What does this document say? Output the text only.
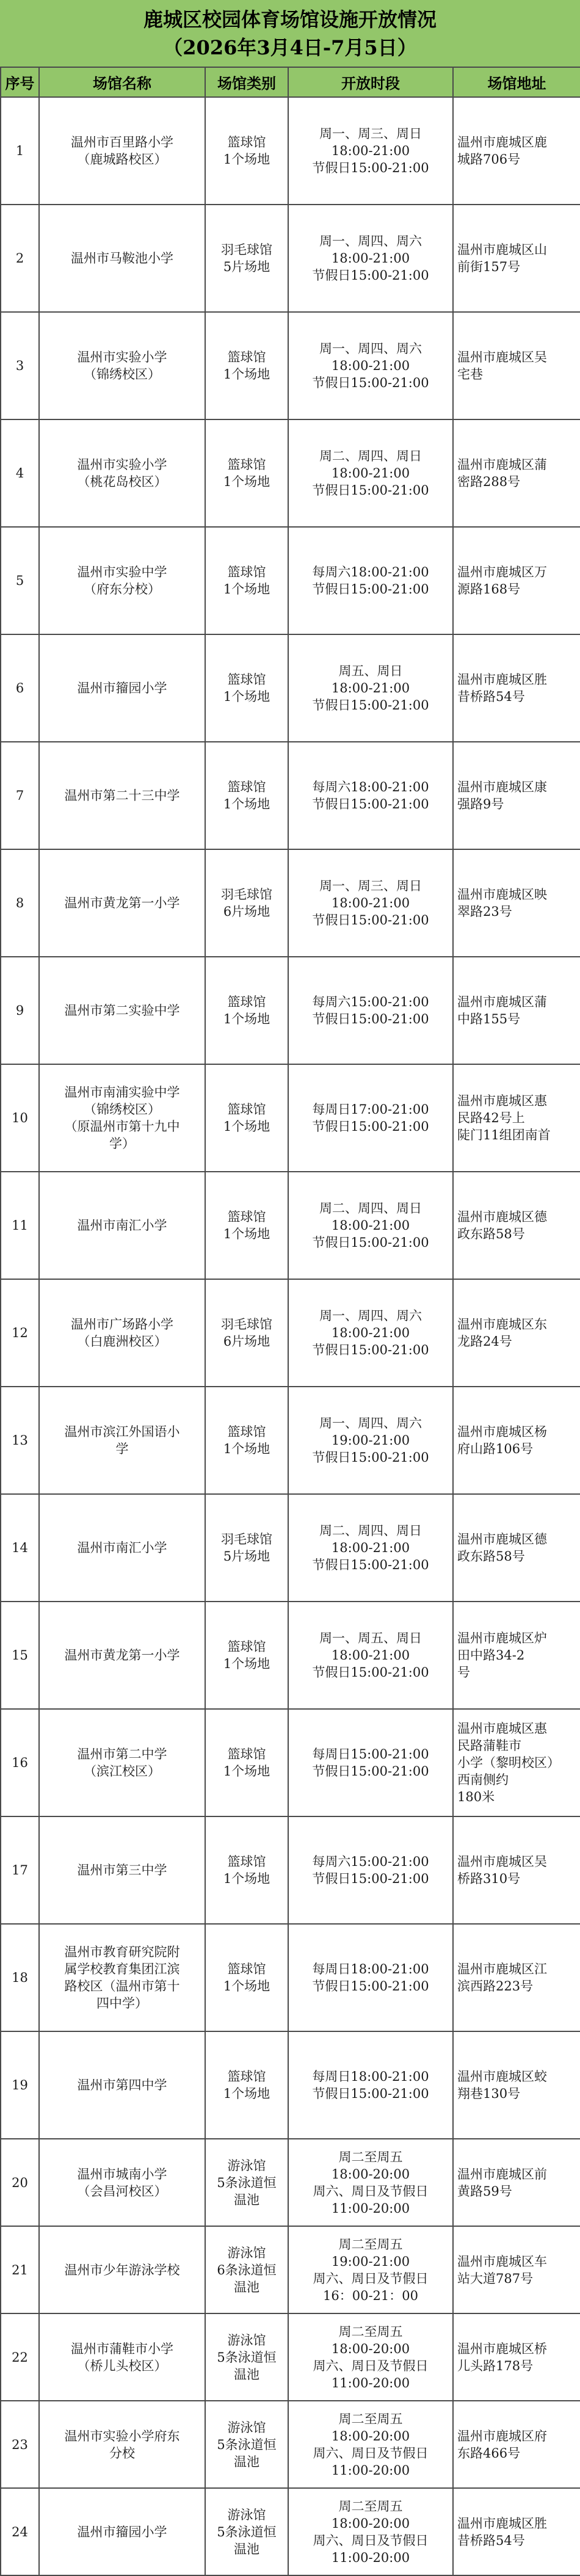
鹿城区校园体育场馆设施开放情况
（2026年3月4日-7月5日）
序号	场馆名称	场馆类别	开放时段	场馆地址

1	温州市百里路小学
（鹿城路校区）	篮球馆
1个场地	周一、周三、周日
18:00-21:00
节假日15:00-21:00	温州市鹿城区鹿
城路706号

2	温州市马鞍池小学	羽毛球馆
5片场地	周一、周四、周六
18:00-21:00
节假日15:00-21:00	温州市鹿城区山
前街157号

3	温州市实验小学
（锦绣校区）	篮球馆
1个场地	周一、周四、周六
18:00-21:00
节假日15:00-21:00	温州市鹿城区吴
宅巷

4	温州市实验小学
（桃花岛校区）	篮球馆
1个场地	周二、周四、周日
18:00-21:00
节假日15:00-21:00	温州市鹿城区蒲
密路288号

5	温州市实验中学
（府东分校）	篮球馆
1个场地	每周六18:00-21:00
节假日15:00-21:00	温州市鹿城区万
源路168号

6	温州市籀园小学	篮球馆
1个场地	周五、周日
18:00-21:00
节假日15:00-21:00	温州市鹿城区胜
昔桥路54号

7	温州市第二十三中学	篮球馆
1个场地	每周六18:00-21:00
节假日15:00-21:00	温州市鹿城区康
强路9号

8	温州市黄龙第一小学	羽毛球馆
6片场地	周一、周三、周日
18:00-21:00
节假日15:00-21:00	温州市鹿城区映
翠路23号

9	温州市第二实验中学	篮球馆
1个场地	每周六15:00-21:00
节假日15:00-21:00	温州市鹿城区蒲
中路155号

10	温州市南浦实验中学
（锦绣校区）
（原温州市第十九中
学）	篮球馆
1个场地	每周日17:00-21:00
节假日15:00-21:00	温州市鹿城区惠
民路42号上
陡门11组团南首

11	温州市南汇小学	篮球馆
1个场地	周二、周四、周日
18:00-21:00
节假日15:00-21:00	温州市鹿城区德
政东路58号

12	温州市广场路小学
（白鹿洲校区）	羽毛球馆
6片场地	周一、周四、周六
18:00-21:00
节假日15:00-21:00	温州市鹿城区东
龙路24号

13	温州市滨江外国语小
学	篮球馆
1个场地	周一、周四、周六
19:00-21:00
节假日15:00-21:00	温州市鹿城区杨
府山路106号

14	温州市南汇小学	羽毛球馆
5片场地	周二、周四、周日
18:00-21:00
节假日15:00-21:00	温州市鹿城区德
政东路58号

15	温州市黄龙第一小学	篮球馆
1个场地	周一、周五、周日
18:00-21:00
节假日15:00-21:00	温州市鹿城区炉
田中路34-2
号

16	温州市第二中学
（滨江校区）	篮球馆
1个场地	每周日15:00-21:00
节假日15:00-21:00	温州市鹿城区惠
民路蒲鞋市
小学（黎明校区）
西南侧约
180米

17	温州市第三中学	篮球馆
1个场地	每周六15:00-21:00
节假日15:00-21:00	温州市鹿城区吴
桥路310号

18	温州市教育研究院附
属学校教育集团江滨
路校区（温州市第十
四中学）	篮球馆
1个场地	每周日18:00-21:00
节假日15:00-21:00	温州市鹿城区江
滨西路223号

19	温州市第四中学	篮球馆
1个场地	每周日18:00-21:00
节假日15:00-21:00	温州市鹿城区蛟
翔巷130号

20	温州市城南小学
（会昌河校区）	游泳馆
5条泳道恒
温池	周二至周五
18:00-20:00
周六、周日及节假日
11:00-20:00	温州市鹿城区前
黄路59号

21	温州市少年游泳学校	游泳馆
6条泳道恒
温池	周二至周五
19:00-21:00
周六、周日及节假日
16：00-21：00	温州市鹿城区车
站大道787号

22	温州市蒲鞋市小学
（桥儿头校区）	游泳馆
5条泳道恒
温池	周二至周五
18:00-20:00
周六、周日及节假日
11:00-20:00	温州市鹿城区桥
儿头路178号

23	温州市实验小学府东
分校	游泳馆
5条泳道恒
温池	周二至周五
18:00-20:00
周六、周日及节假日
11:00-20:00	温州市鹿城区府
东路466号

24	温州市籀园小学	游泳馆
5条泳道恒
温池	周二至周五
18:00-20:00
周六、周日及节假日
11:00-20:00	温州市鹿城区胜
昔桥路54号
